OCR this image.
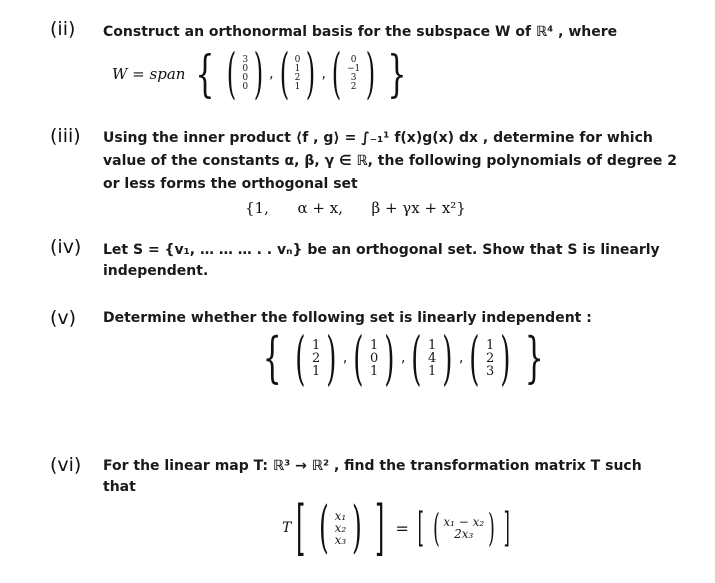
(ii) Construct an orthonormal basis for the subspace W of ℝ⁴ , where
W = span { ( 3
0
0
0 ) , ( 0
1
2
1 ) , ( 0
−1
3
2 ) }
(iii) Using the inner product ⟨f , g⟩ = ∫₋₁¹ f(x)g(x) dx , determine for which
value of the constants α, β, γ ∈ ℝ, the following polynomials of degree 2
or less forms the orthogonal set
{1,      α + x,      β + γx + x²}
(iv) Let S = {v₁, … … … . . vₙ} be an orthogonal set. Show that S is linearly
independent.
(v) Determine whether the following set is linearly independent :
{ ( 1
2
1 ) , ( 1
0
1 ) , ( 1
4
1 ) , ( 1
2
3 ) }
(vi) For the linear map T: ℝ³ → ℝ² , find the transformation matrix T such
that
T [ ( x₁
x₂
x₃ ) ] = [ ( x₁ − x₂
2x₃ ) ]
